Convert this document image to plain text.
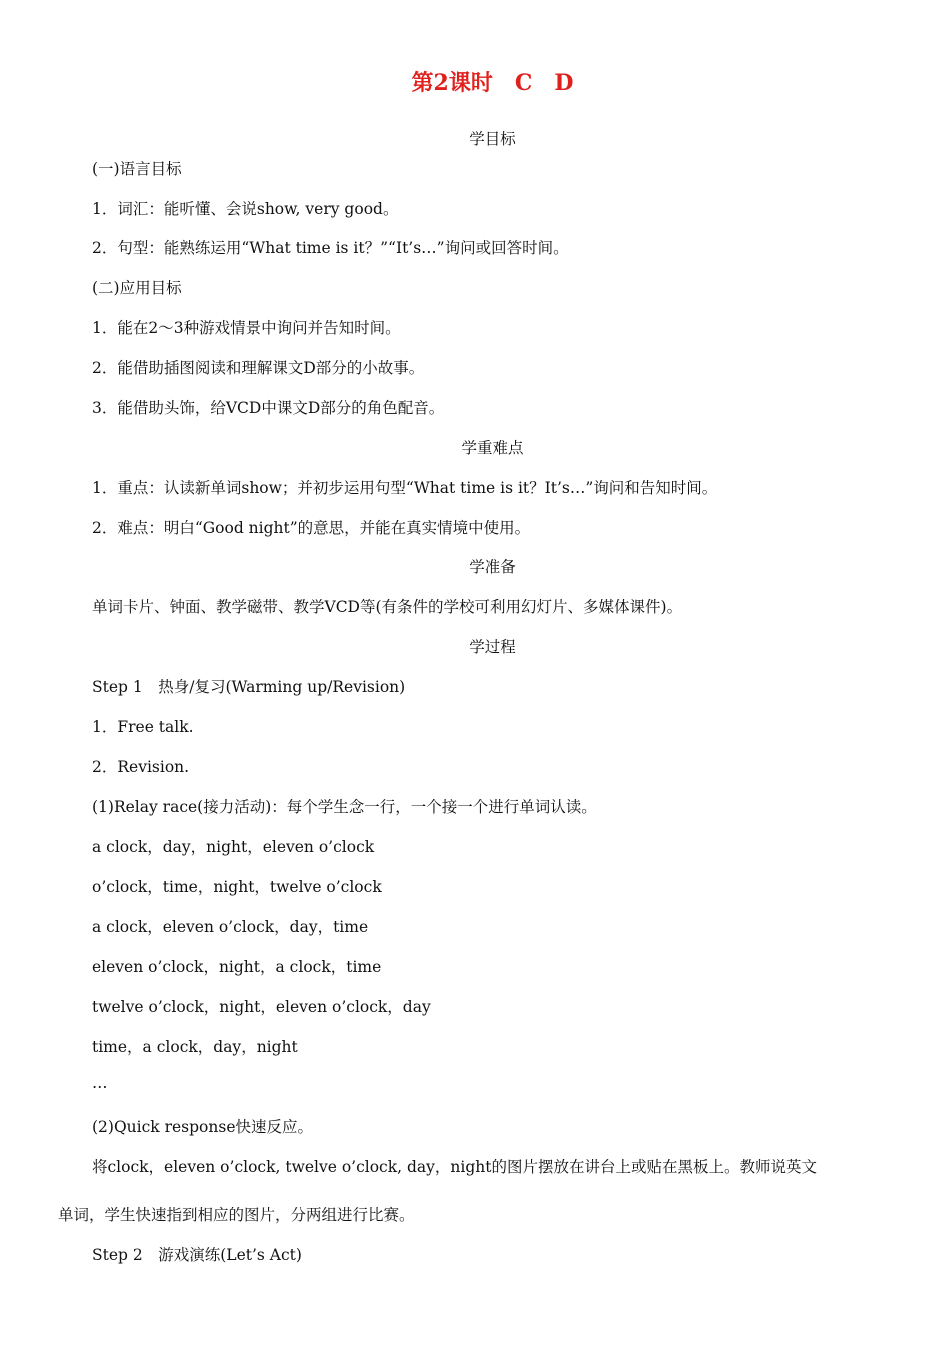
第2课时　C　D
学目标
(一)语言目标
1．词汇：能听懂、会说show, very good。
2．句型：能熟练运用“What time is it？”“It’s…”询问或回答时间。
(二)应用目标
1．能在2～3种游戏情景中询问并告知时间。
2．能借助插图阅读和理解课文D部分的小故事。
3．能借助头饰，给VCD中课文D部分的角色配音。
学重难点
1．重点：认读新单词show；并初步运用句型“What time is it？It’s…”询问和告知时间。
2．难点：明白“Good night”的意思，并能在真实情境中使用。
学准备
单词卡片、钟面、教学磁带、教学VCD等(有条件的学校可利用幻灯片、多媒体课件)。
学过程
Step 1　热身/复习(Warming up/Revision)
1．Free talk.
2．Revision.
(1)Relay race(接力活动)：每个学生念一行，一个接一个进行单词认读。
a clock，day，night，eleven o’clock
o’clock，time，night，twelve o’clock
a clock，eleven o’clock，day，time
eleven o’clock，night，a clock，time
twelve o’clock，night，eleven o’clock，day
time，a clock，day，night
…
(2)Quick response快速反应。
将clock，eleven o’clock, twelve o’clock, day，night的图片摆放在讲台上或贴在黑板上。教师说英文
单词，学生快速指到相应的图片，分两组进行比赛。
Step 2　游戏演练(Let’s Act)
